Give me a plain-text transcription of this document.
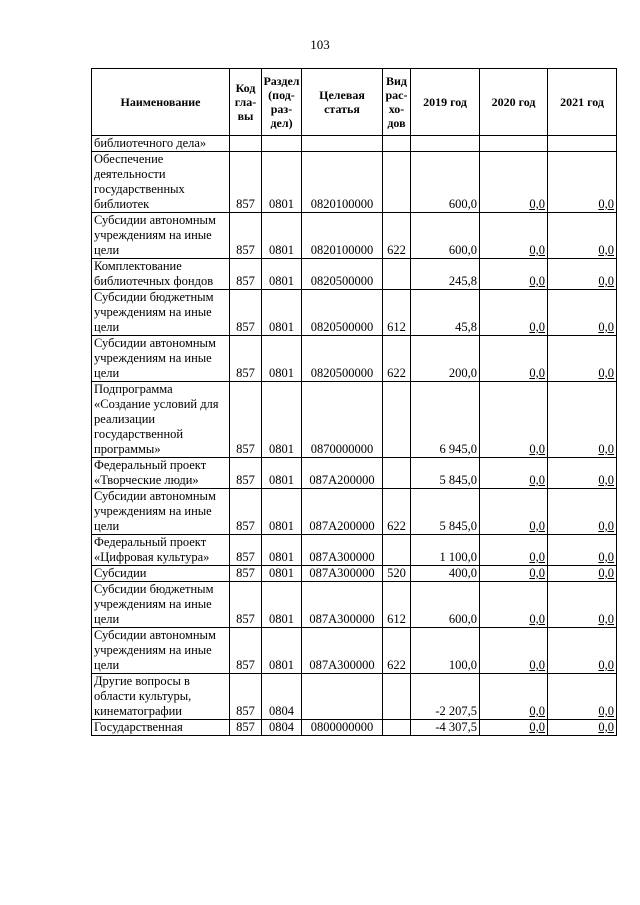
103
Наименование	Код гла- вы	Раздел (под- раз- дел)	Целевая статья	Вид рас- хо- дов	2019 год	2020 год	2021 год
библиотечного дела»							
Обеспечение деятельности государственных библиотек	857	0801	0820100000		600,0	0,0	0,0
Субсидии автономным учреждениям на иные цели	857	0801	0820100000	622	600,0	0,0	0,0
Комплектование библиотечных фондов	857	0801	0820500000		245,8	0,0	0,0
Субсидии бюджетным учреждениям на иные цели	857	0801	0820500000	612	45,8	0,0	0,0
Субсидии автономным учреждениям на иные цели	857	0801	0820500000	622	200,0	0,0	0,0
Подпрограмма «Создание условий для реализации государственной программы»	857	0801	0870000000		6 945,0	0,0	0,0
Федеральный проект «Творческие люди»	857	0801	087A200000		5 845,0	0,0	0,0
Субсидии автономным учреждениям на иные цели	857	0801	087A200000	622	5 845,0	0,0	0,0
Федеральный проект «Цифровая культура»	857	0801	087A300000		1 100,0	0,0	0,0
Субсидии	857	0801	087A300000	520	400,0	0,0	0,0
Субсидии бюджетным учреждениям на иные цели	857	0801	087A300000	612	600,0	0,0	0,0
Субсидии автономным учреждениям на иные цели	857	0801	087A300000	622	100,0	0,0	0,0
Другие вопросы в области культуры, кинематографии	857	0804			-2 207,5	0,0	0,0
Государственная	857	0804	0800000000		-4 307,5	0,0	0,0
